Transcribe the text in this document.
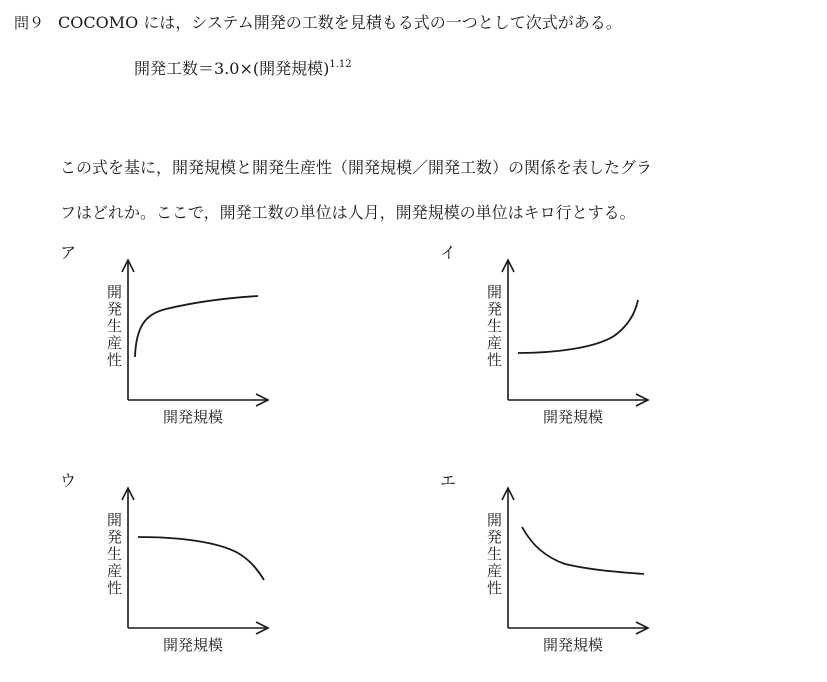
問９ COCOMO には，システム開発の工数を見積もる式の一つとして次式がある。
開発工数＝3.0×(開発規模)$^{1.12}$
この式を基に，開発規模と開発生産性（開発規模／開発工数）の関係を表したグラ
フはどれか。ここで，開発工数の単位は人月，開発規模の単位はキロ行とする。
ア
開
発
生
産
性
開発規模
イ
開
発
生
産
性
開発規模
ウ
開
発
生
産
性
開発規模
エ
開
発
生
産
性
開発規模
